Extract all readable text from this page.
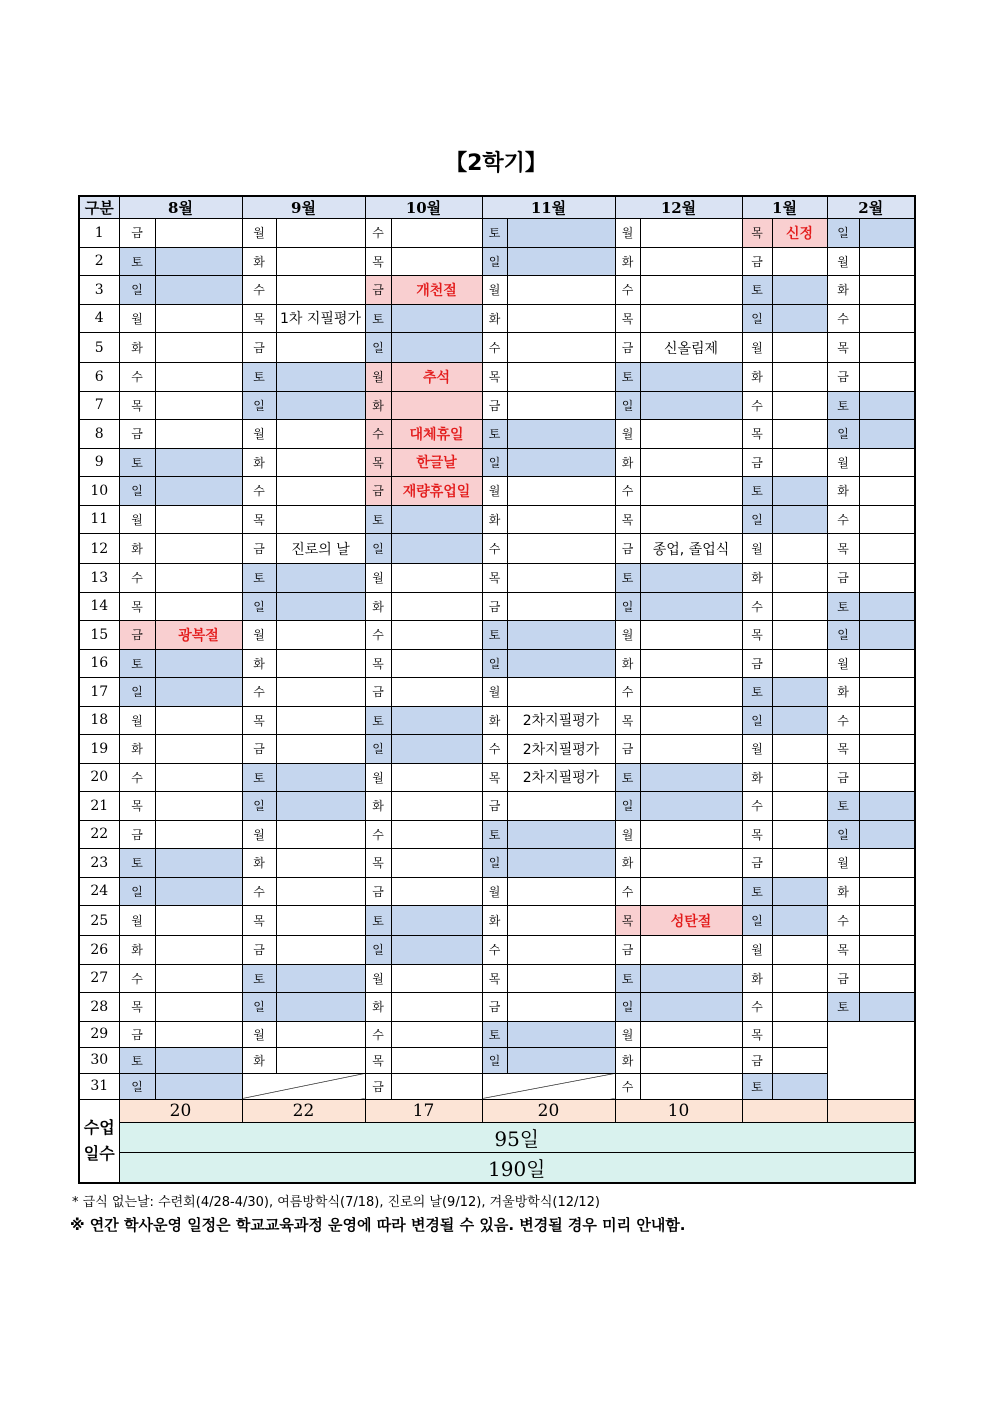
【2학기】
구분	8월		9월		10월		11월		12월		1월		2월	
1	금		월		수		토		월		목	신정	일	
2	토		화		목		일		화		금		월	
3	일		수		금	개천절	월		수		토		화	
4	월		목	1차 지필평가	토		화		목		일		수	
5	화		금		일		수		금	신올림제	월		목	
6	수		토		월	추석	목		토		화		금	
7	목		일		화		금		일		수		토	
8	금		월		수	대체휴일	토		월		목		일	
9	토		화		목	한글날	일		화		금		월	
10	일		수		금	재량휴업일	월		수		토		화	
11	월		목		토		화		목		일		수	
12	화		금	진로의 날	일		수		금	종업, 졸업식	월		목	
13	수		토		월		목		토		화		금	
14	목		일		화		금		일		수		토	
15	금	광복절	월		수		토		월		목		일	
16	토		화		목		일		화		금		월	
17	일		수		금		월		수		토		화	
18	월		목		토		화	2차지필평가	목		일		수	
19	화		금		일		수	2차지필평가	금		월		목	
20	수		토		월		목	2차지필평가	토		화		금	
21	목		일		화		금		일		수		토	
22	금		월		수		토		월		목		일	
23	토		화		목		일		화		금		월	
24	일		수		금		월		수		토		화	
25	월		목		토		화		목	성탄절	일		수	
26	화		금		일		수		금		월		목	
27	수		토		월		목		토		화		금	
28	목		일		화		금		일		수		토	
29	금		월		수		토		월		목			
30	토		화		목		일		화		금			
31	일				금				수		토			
수업
일수	20		22		17		20		10					
	95일													
	190일													
* 급식 없는날: 수련회(4/28-4/30), 여름방학식(7/18), 진로의 날(9/12), 겨울방학식(12/12)
※ 연간 학사운영 일정은 학교교육과정 운영에 따라 변경될 수 있음. 변경될 경우 미리 안내함.
